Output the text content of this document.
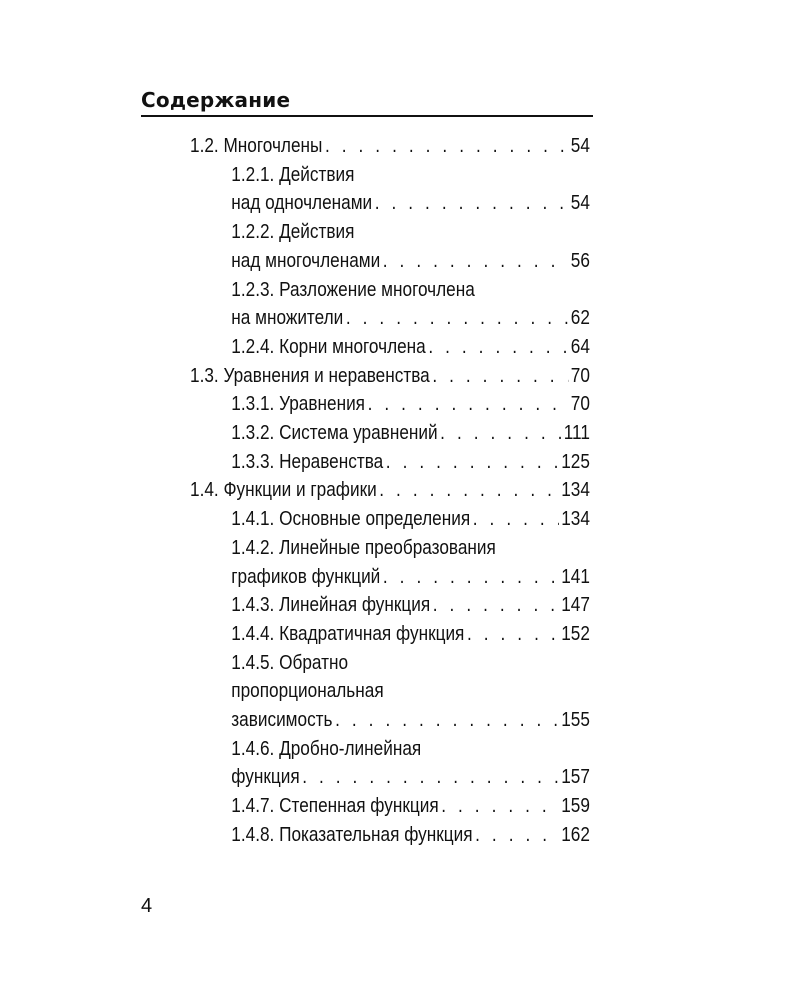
Содержание
1.2. Многочлены . . .	54
1.2.1. Действия
над одночленами . . .	54
1.2.2. Действия
над многочленами . . .	56
1.2.3. Разложение многочлена
на множители . . .	62
1.2.4. Корни многочлена . . .	64
1.3. Уравнения и неравенства . . .	70
1.3.1. Уравнения . . .	70
1.3.2. Система уравнений . . .	111
1.3.3. Неравенства . . .	125
1.4. Функции и графики . . .	134
1.4.1. Основные определения . . .	134
1.4.2. Линейные преобразования
графиков функций . . .	141
1.4.3. Линейная функция . . .	147
1.4.4. Квадратичная функция . . .	152
1.4.5. Обратно
пропорциональная
зависимость . . .	155
1.4.6. Дробно-линейная
функция . . .	157
1.4.7. Степенная функция . . .	159
1.4.8. Показательная функция . . .	162
4
